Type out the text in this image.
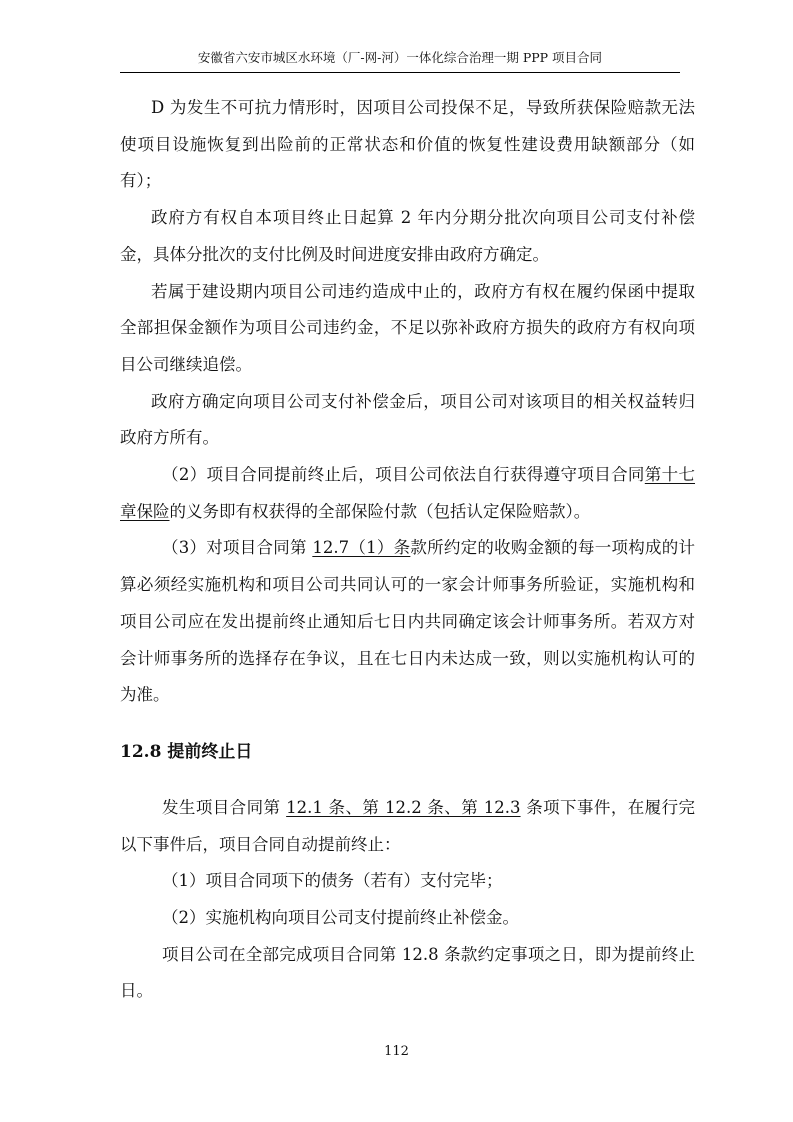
安徽省六安市城区水环境（厂-网-河）一体化综合治理一期 PPP 项目合同

D 为发生不可抗力情形时，因项目公司投保不足，导致所获保险赔款无法使项目设施恢复到出险前的正常状态和价值的恢复性建设费用缺额部分（如有）；

政府方有权自本项目终止日起算 2 年内分期分批次向项目公司支付补偿金，具体分批次的支付比例及时间进度安排由政府方确定。

若属于建设期内项目公司违约造成中止的，政府方有权在履约保函中提取全部担保金额作为项目公司违约金，不足以弥补政府方损失的政府方有权向项目公司继续追偿。

政府方确定向项目公司支付补偿金后，项目公司对该项目的相关权益转归政府方所有。

（2）项目合同提前终止后，项目公司依法自行获得遵守项目合同第十七章保险的义务即有权获得的全部保险付款（包括认定保险赔款）。

（3）对项目合同第 12.7（1）条款所约定的收购金额的每一项构成的计算必须经实施机构和项目公司共同认可的一家会计师事务所验证，实施机构和项目公司应在发出提前终止通知后七日内共同确定该会计师事务所。若双方对会计师事务所的选择存在争议，且在七日内未达成一致，则以实施机构认可的为准。

12.8 提前终止日

发生项目合同第 12.1 条、第 12.2 条、第 12.3 条项下事件，在履行完以下事件后，项目合同自动提前终止：

（1）项目合同项下的债务（若有）支付完毕；

（2）实施机构向项目公司支付提前终止补偿金。

项目公司在全部完成项目合同第 12.8 条款约定事项之日，即为提前终止日。

112
